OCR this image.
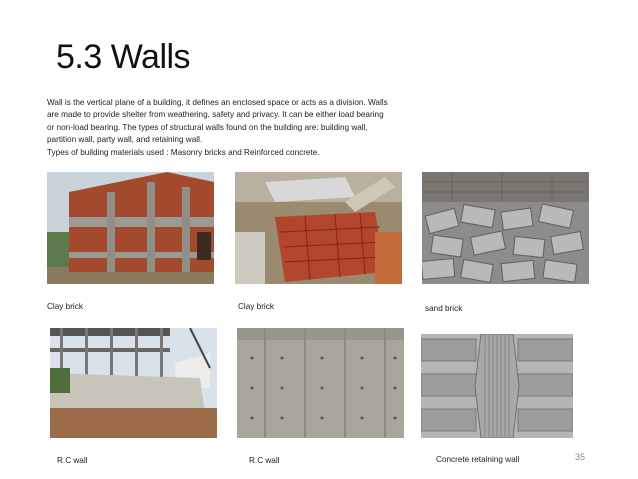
5.3 Walls

Wall is the vertical plane of a building, it defines an enclosed space or acts as a division. Walls

are made to provide shelter from weathering, safety and privacy. It can be either load bearing

or non-load bearing. The types of structural walls found on the building are: building wall,

partition wall, party wall, and retaining wall.

Types of building materials used : Masonry bricks and Reinforced concrete.

Clay brick	Clay brick	sand brick
R.C wall	R.C wall	Concrete retaining wall	35
